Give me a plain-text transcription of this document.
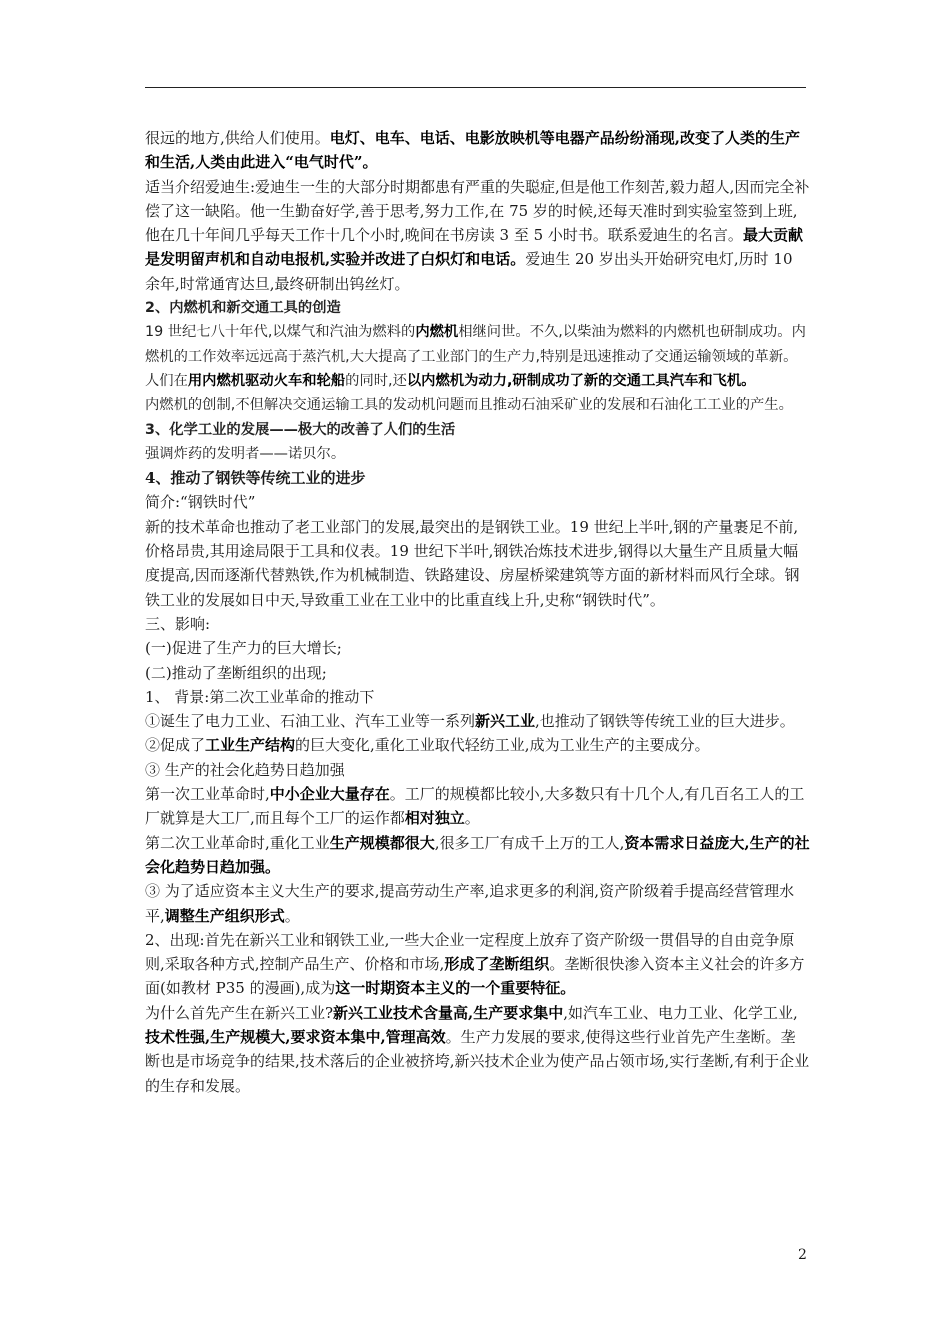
很远的地方,供给人们使用。电灯、电车、电话、电影放映机等电器产品纷纷涌现,改变了人类的生产和生活,人类由此进入“电气时代”。

适当介绍爱迪生:爱迪生一生的大部分时期都患有严重的失聪症,但是他工作刻苦,毅力超人,因而完全补偿了这一缺陷。他一生勤奋好学,善于思考,努力工作,在 75 岁的时候,还每天准时到实验室签到上班,他在几十年间几乎每天工作十几个小时,晚间在书房读 3 至 5 小时书。联系爱迪生的名言。最大贡献是发明留声机和自动电报机,实验并改进了白炽灯和电话。爱迪生 20 岁出头开始研究电灯,历时 10 余年,时常通宵达旦,最终研制出钨丝灯。

2、内燃机和新交通工具的创造

19 世纪七八十年代,以煤气和汽油为燃料的内燃机相继问世。不久,以柴油为燃料的内燃机也研制成功。内燃机的工作效率远远高于蒸汽机,大大提高了工业部门的生产力,特别是迅速推动了交通运输领域的革新。人们在用内燃机驱动火车和轮船的同时,还以内燃机为动力,研制成功了新的交通工具汽车和飞机。

内燃机的创制,不但解决交通运输工具的发动机问题而且推动石油采矿业的发展和石油化工工业的产生。

3、化学工业的发展——极大的改善了人们的生活

强调炸药的发明者——诺贝尔。

4、推动了钢铁等传统工业的进步

简介:“钢铁时代”

新的技术革命也推动了老工业部门的发展,最突出的是钢铁工业。19 世纪上半叶,钢的产量裹足不前,价格昂贵,其用途局限于工具和仪表。19 世纪下半叶,钢铁冶炼技术进步,钢得以大量生产且质量大幅度提高,因而逐渐代替熟铁,作为机械制造、铁路建设、房屋桥梁建筑等方面的新材料而风行全球。钢铁工业的发展如日中天,导致重工业在工业中的比重直线上升,史称“钢铁时代”。

三、影响:

(一)促进了生产力的巨大增长;

(二)推动了垄断组织的出现;

1、 背景:第二次工业革命的推动下

①诞生了电力工业、石油工业、汽车工业等一系列新兴工业,也推动了钢铁等传统工业的巨大进步。

②促成了工业生产结构的巨大变化,重化工业取代轻纺工业,成为工业生产的主要成分。

③ 生产的社会化趋势日趋加强

第一次工业革命时,中小企业大量存在。工厂的规模都比较小,大多数只有十几个人,有几百名工人的工厂就算是大工厂,而且每个工厂的运作都相对独立。

第二次工业革命时,重化工业生产规模都很大,很多工厂有成千上万的工人,资本需求日益庞大,生产的社会化趋势日趋加强。

③ 为了适应资本主义大生产的要求,提高劳动生产率,追求更多的利润,资产阶级着手提高经营管理水平,调整生产组织形式。

2、出现:首先在新兴工业和钢铁工业,一些大企业一定程度上放弃了资产阶级一贯倡导的自由竞争原则,采取各种方式,控制产品生产、价格和市场,形成了垄断组织。垄断很快渗入资本主义社会的许多方面(如教材 P35 的漫画),成为这一时期资本主义的一个重要特征。

为什么首先产生在新兴工业?新兴工业技术含量高,生产要求集中,如汽车工业、电力工业、化学工业,技术性强,生产规模大,要求资本集中,管理高效。生产力发展的要求,使得这些行业首先产生垄断。垄断也是市场竞争的结果,技术落后的企业被挤垮,新兴技术企业为使产品占领市场,实行垄断,有利于企业的生存和发展。

2
